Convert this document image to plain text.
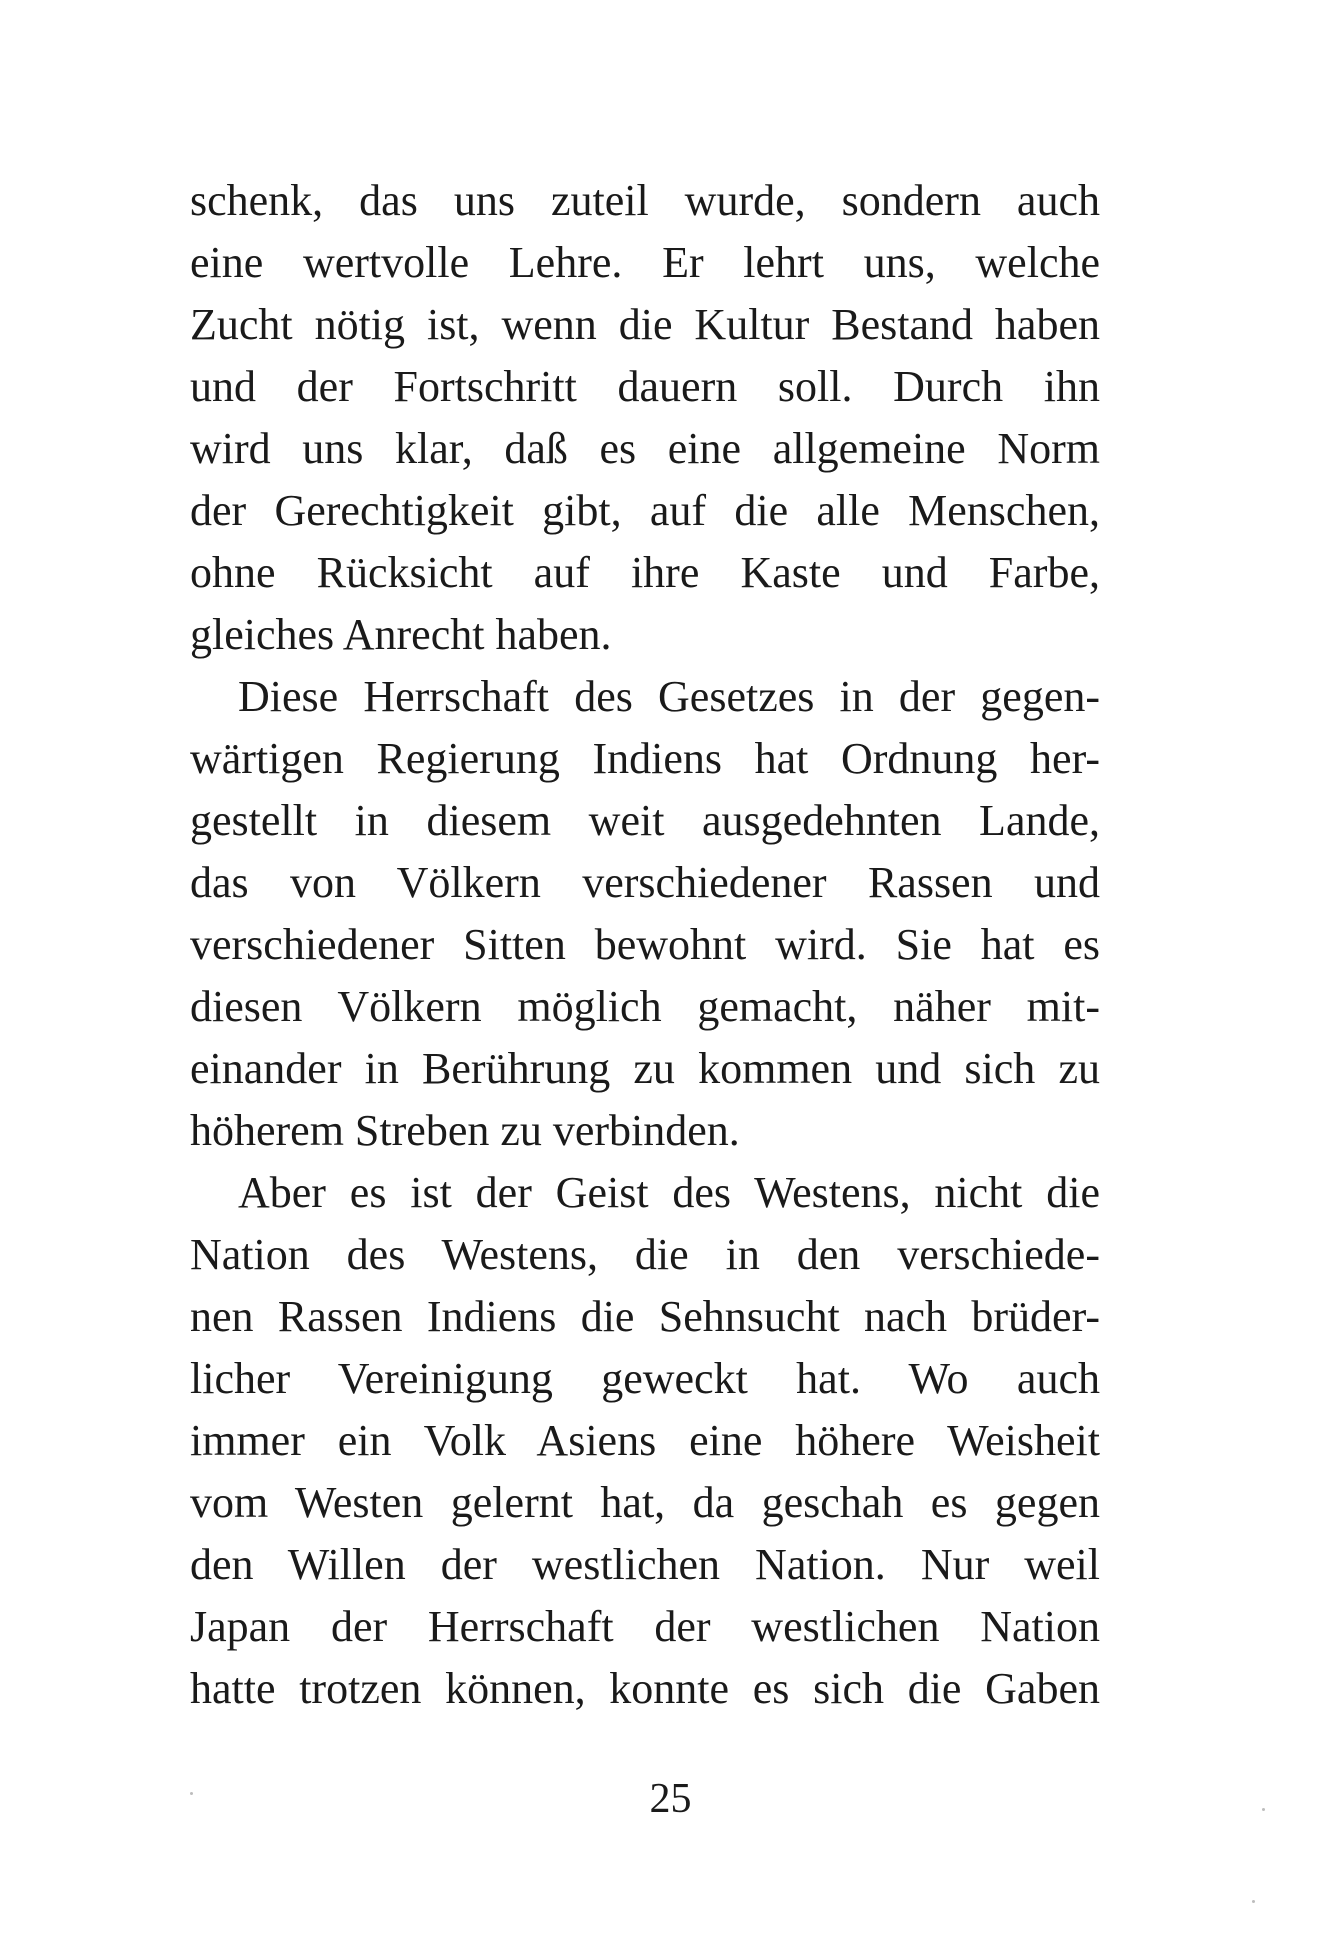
schenk, das uns zuteil wurde, sondern auch
eine wertvolle Lehre. Er lehrt uns, welche
Zucht nötig ist, wenn die Kultur Bestand haben
und der Fortschritt dauern soll. Durch ihn
wird uns klar, daß es eine allgemeine Norm
der Gerechtigkeit gibt, auf die alle Menschen,
ohne Rücksicht auf ihre Kaste und Farbe,
gleiches Anrecht haben.
Diese Herrschaft des Gesetzes in der gegen-
wärtigen Regierung Indiens hat Ordnung her-
gestellt in diesem weit ausgedehnten Lande,
das von Völkern verschiedener Rassen und
verschiedener Sitten bewohnt wird. Sie hat es
diesen Völkern möglich gemacht, näher mit-
einander in Berührung zu kommen und sich zu
höherem Streben zu verbinden.
Aber es ist der Geist des Westens, nicht die
Nation des Westens, die in den verschiede-
nen Rassen Indiens die Sehnsucht nach brüder-
licher Vereinigung geweckt hat. Wo auch
immer ein Volk Asiens eine höhere Weisheit
vom Westen gelernt hat, da geschah es gegen
den Willen der westlichen Nation. Nur weil
Japan der Herrschaft der westlichen Nation
hatte trotzen können, konnte es sich die Gaben
25
